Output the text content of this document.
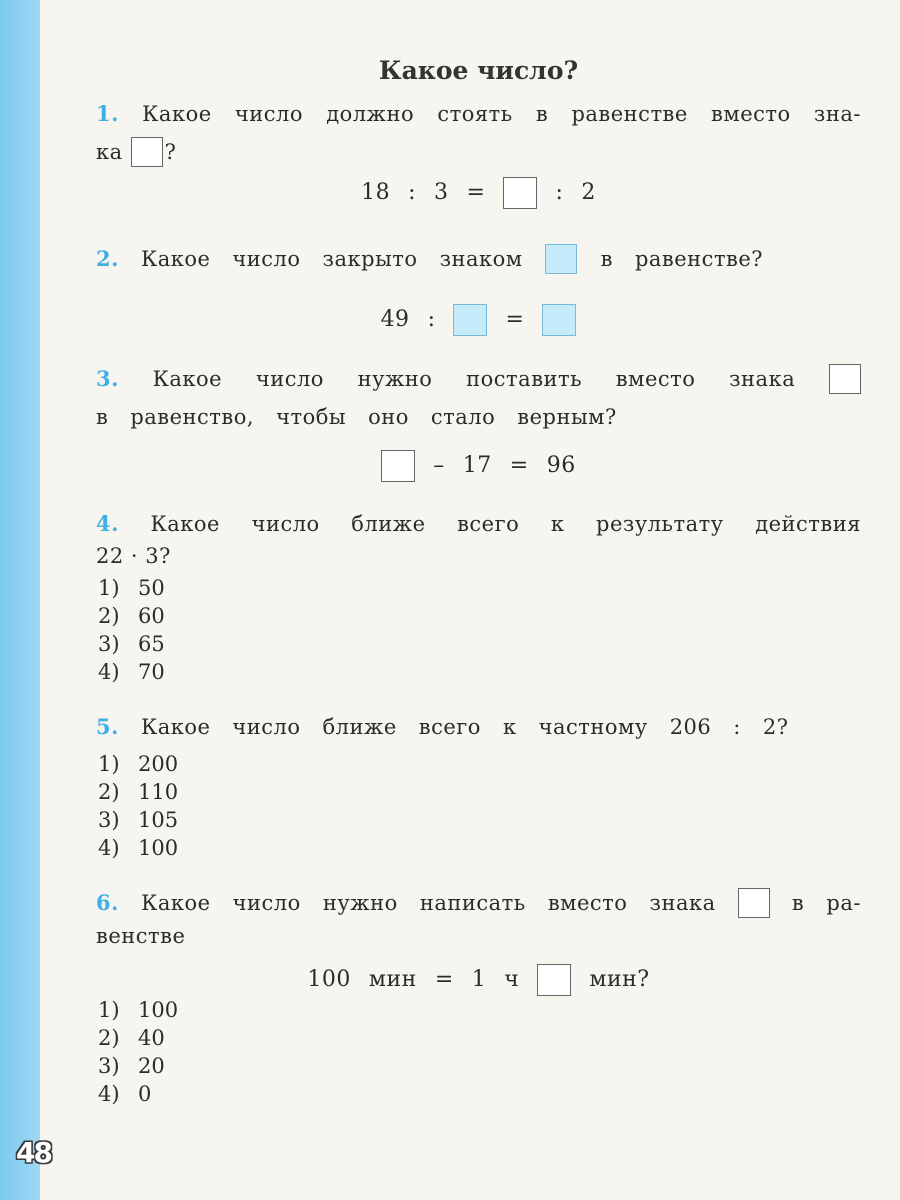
48
Какое число?
1. Какое число должно стоять в равенстве вместо зна-
ка ?
18 : 3 =	: 2
2. Какое число закрыто знаком	в равенстве?
49 :	=
3. Какое число нужно поставить вместо знака
в равенство, чтобы оно стало верным?
– 17 = 96
4. Какое число ближе всего к результату действия
22 · 3?
1) 50
2) 60
3) 65
4) 70
5. Какое число ближе всего к частному 206 : 2?
1) 200
2) 110
3) 105
4) 100
6. Какое число нужно написать вместо знака	в ра-
венстве
100 мин = 1 ч	мин?
1) 100
2) 40
3) 20
4) 0
